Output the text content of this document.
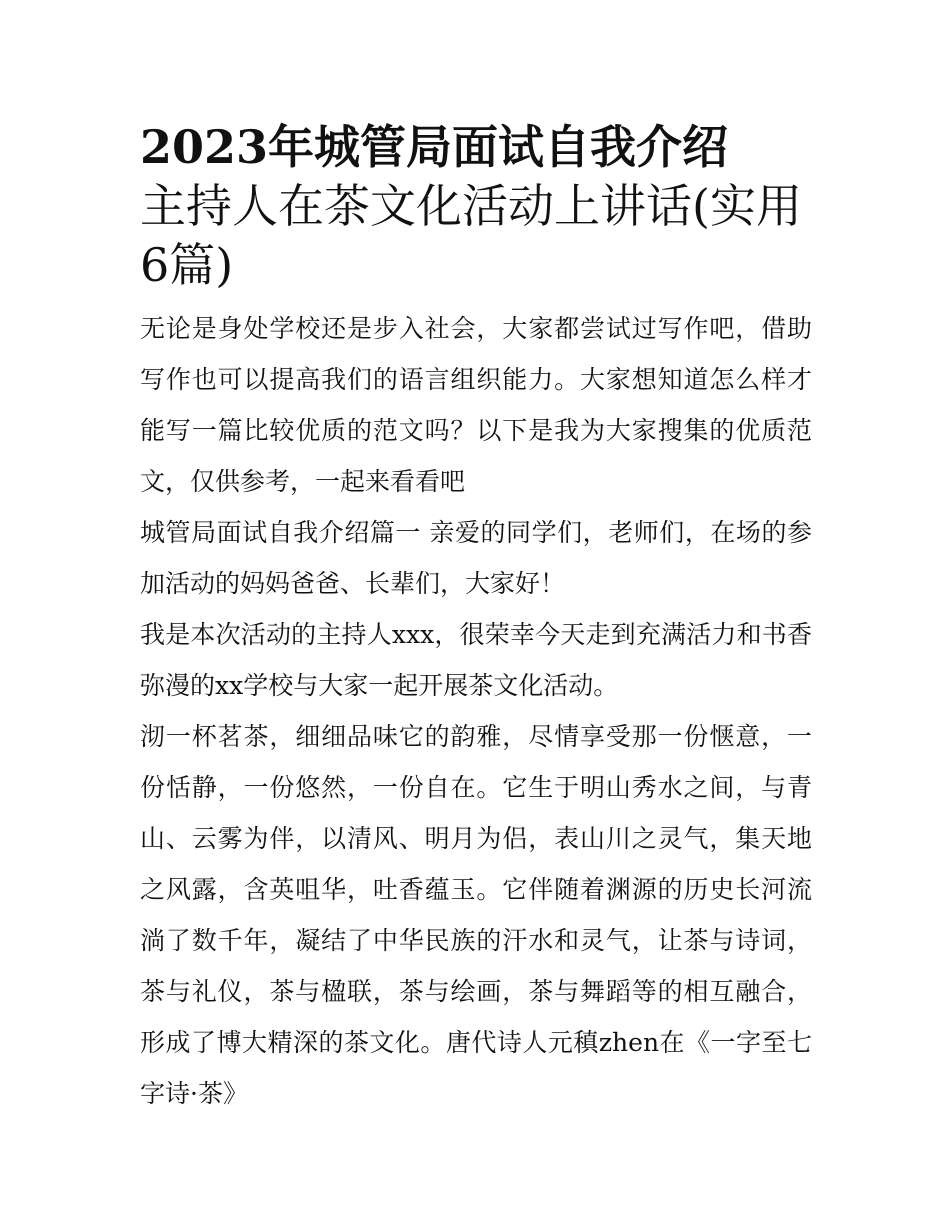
2023年城管局面试自我介绍
主持人在茶文化活动上讲话(实用6篇)

无论是身处学校还是步入社会，大家都尝试过写作吧，借助写作也可以提高我们的语言组织能力。大家想知道怎么样才能写一篇比较优质的范文吗？以下是我为大家搜集的优质范文，仅供参考，一起来看看吧

城管局面试自我介绍篇一 亲爱的同学们，老师们，在场的参加活动的妈妈爸爸、长辈们，大家好！

我是本次活动的主持人xxx，很荣幸今天走到充满活力和书香弥漫的xx学校与大家一起开展茶文化活动。

沏一杯茗茶，细细品味它的韵雅，尽情享受那一份惬意，一份恬静，一份悠然，一份自在。它生于明山秀水之间，与青山、云雾为伴，以清风、明月为侣，表山川之灵气，集天地之风露，含英咀华，吐香蕴玉。它伴随着渊源的历史长河流淌了数千年，凝结了中华民族的汗水和灵气，让茶与诗词，茶与礼仪，茶与楹联，茶与绘画，茶与舞蹈等的相互融合，形成了博大精深的茶文化。唐代诗人元稹zhen在《一字至七字诗·茶》
